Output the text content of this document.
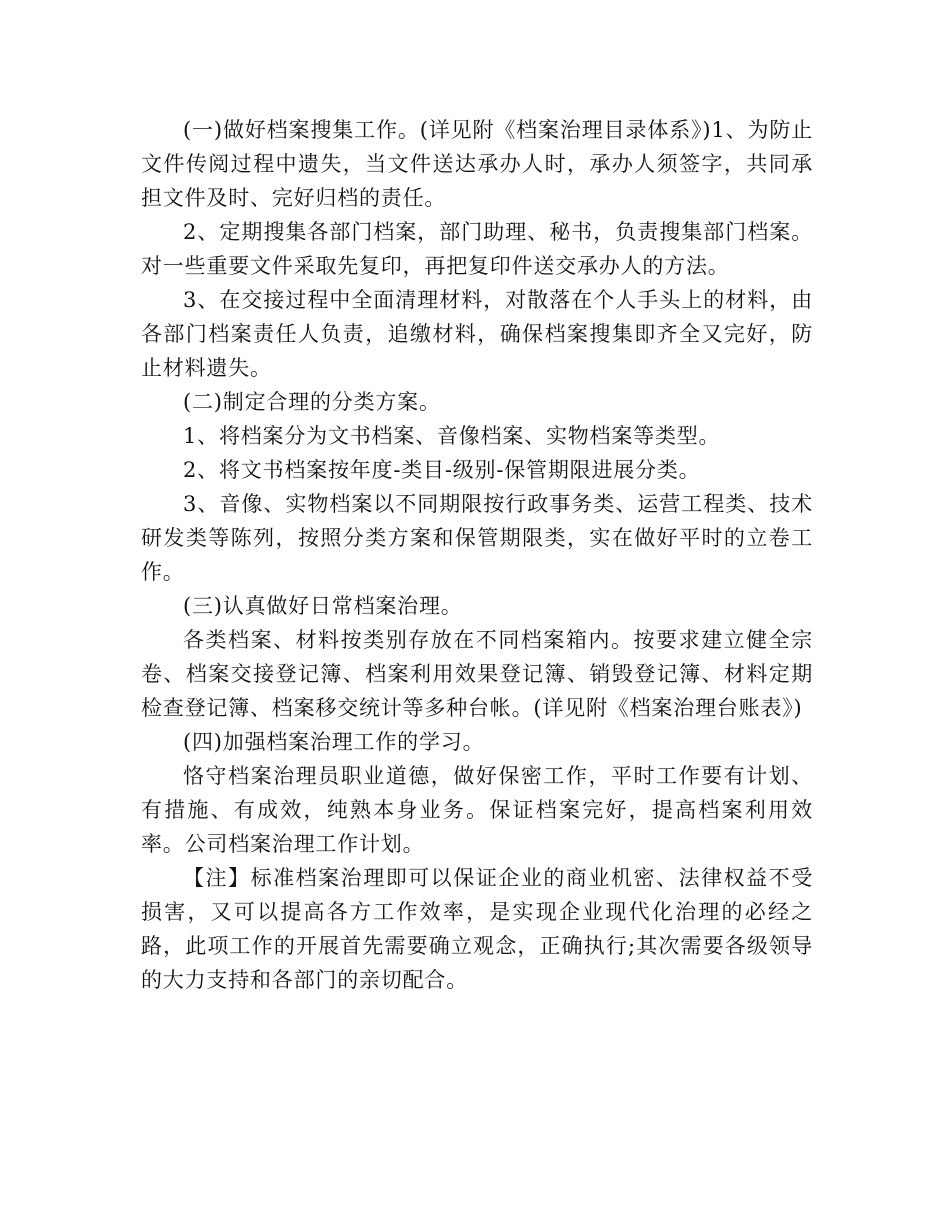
(一)做好档案搜集工作。(详见附《档案治理目录体系》)1、为防止文件传阅过程中遗失，当文件送达承办人时，承办人须签字，共同承担文件及时、完好归档的责任。

2、定期搜集各部门档案，部门助理、秘书，负责搜集部门档案。对一些重要文件采取先复印，再把复印件送交承办人的方法。

3、在交接过程中全面清理材料，对散落在个人手头上的材料，由各部门档案责任人负责，追缴材料，确保档案搜集即齐全又完好，防止材料遗失。

(二)制定合理的分类方案。

1、将档案分为文书档案、音像档案、实物档案等类型。

2、将文书档案按年度-类目-级别-保管期限进展分类。

3、音像、实物档案以不同期限按行政事务类、运营工程类、技术研发类等陈列，按照分类方案和保管期限类，实在做好平时的立卷工作。

(三)认真做好日常档案治理。

各类档案、材料按类别存放在不同档案箱内。按要求建立健全宗卷、档案交接登记簿、档案利用效果登记簿、销毁登记簿、材料定期检查登记簿、档案移交统计等多种台帐。(详见附《档案治理台账表》)

(四)加强档案治理工作的学习。

恪守档案治理员职业道德，做好保密工作，平时工作要有计划、有措施、有成效，纯熟本身业务。保证档案完好，提高档案利用效率。公司档案治理工作计划。

【注】标准档案治理即可以保证企业的商业机密、法律权益不受损害，又可以提高各方工作效率，是实现企业现代化治理的必经之路，此项工作的开展首先需要确立观念，正确执行;其次需要各级领导的大力支持和各部门的亲切配合。
